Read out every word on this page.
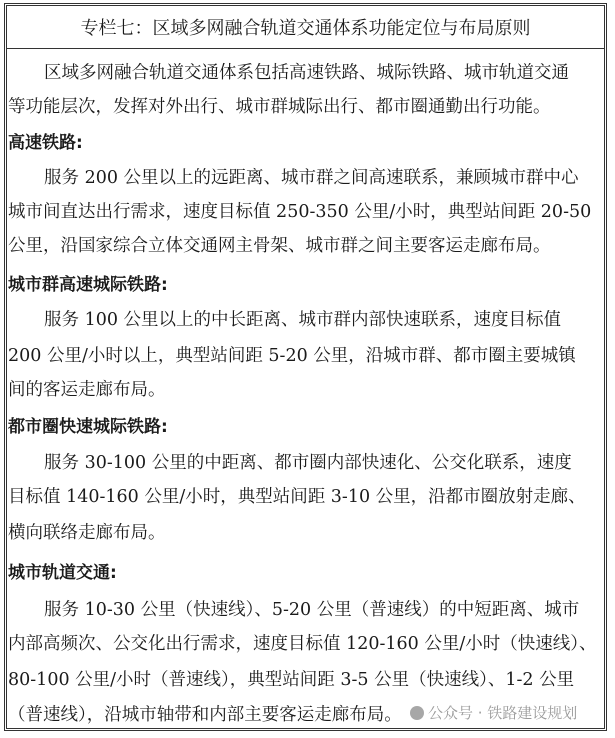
专栏七：区域多网融合轨道交通体系功能定位与布局原则
区域多网融合轨道交通体系包括高速铁路、城际铁路、城市轨道交通
等功能层次，发挥对外出行、城市群城际出行、都市圈通勤出行功能。
高速铁路:
服务 200 公里以上的远距离、城市群之间高速联系，兼顾城市群中心
城市间直达出行需求，速度目标值 250-350 公里/小时，典型站间距 20-50
公里，沿国家综合立体交通网主骨架、城市群之间主要客运走廊布局。
城市群高速城际铁路:
服务 100 公里以上的中长距离、城市群内部快速联系，速度目标值
200 公里/小时以上，典型站间距 5-20 公里，沿城市群、都市圈主要城镇
间的客运走廊布局。
都市圈快速城际铁路:
服务 30-100 公里的中距离、都市圈内部快速化、公交化联系，速度
目标值 140-160 公里/小时，典型站间距 3-10 公里，沿都市圈放射走廊、
横向联络走廊布局。
城市轨道交通:
服务 10-30 公里（快速线）、5-20 公里（普速线）的中短距离、城市
内部高频次、公交化出行需求，速度目标值 120-160 公里/小时（快速线）、
80-100 公里/小时（普速线），典型站间距 3-5 公里（快速线）、1-2 公里
（普速线），沿城市轴带和内部主要客运走廊布局。	公众号 · 铁路建设规划
